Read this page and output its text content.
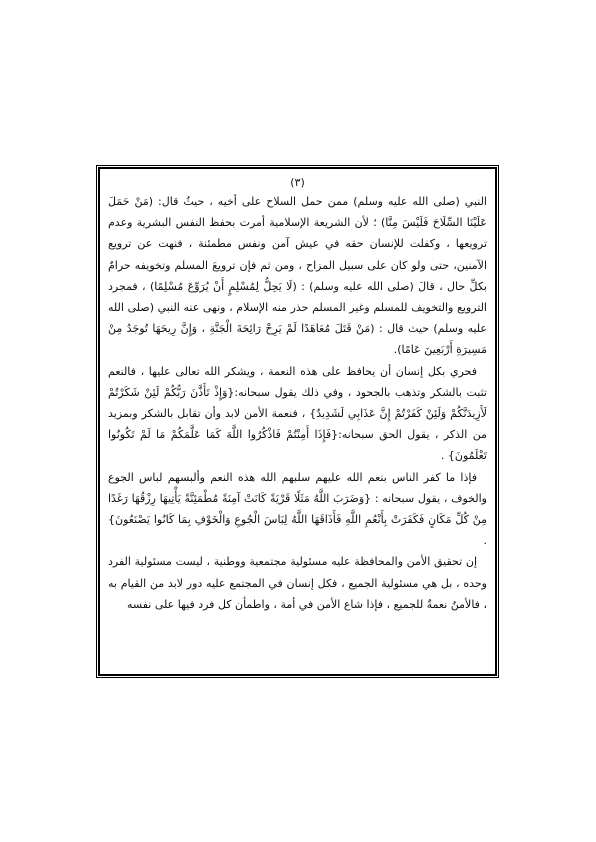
(٣)

النبي (صلى الله عليه وسلم) ممن حمل السلاح على أخيه ، حيثُ قال: (مَنْ حَمَلَ عَلَيْنَا السِّلَاحَ فَلَيْسَ مِنَّا) ؛ لأن الشريعة الإسلامية أمرت بحفظ النفس البشرية وعدم ترويعها ، وكفلت للإنسان حقه في عيش آمن ونفس مطمئنة ، فنهت عن ترويع الآمنين، حتى ولو كان على سبيل المزاح ، ومن ثم فإن ترويعَ المسلم وتخويفه حرامٌ بكلِّ حال ، قالَ (صلى الله عليه وسلم) : (لَا يَحِلُّ لِمُسْلِمٍ أَنْ يُرَوِّعَ مُسْلِمًا) ، فمجرد الترويع والتخويف للمسلم وغير المسلم حذر منه الإسلام ، ونهى عنه النبي (صلى الله عليه وسلم) حيث قال : (مَنْ قَتَلَ مُعَاهَدًا لَمْ يَرِحْ رَائِحَةَ الْجَنَّةِ ، وَإِنَّ رِيحَهَا تُوجَدُ مِنْ مَسِيرَةِ أَرْبَعِينَ عَامًا).

فحري بكل إنسان أن يحافظ على هذه النعمة ، ويشكر الله تعالى عليها ، فالنعم تثبت بالشكر وتذهب بالجحود ، وفي ذلك يقول سبحانه:{وَإِذْ تَأَذَّنَ رَبُّكُمْ لَئِنْ شَكَرْتُمْ لَأَزِيدَنَّكُمْ وَلَئِنْ كَفَرْتُمْ إِنَّ عَذَابِي لَشَدِيدٌ} ، فنعمة الأمن لابد وأن تقابل بالشكر وبمزيد من الذكر ، يقول الحق سبحانه:{فَإِذَا أَمِنْتُمْ فَاذْكُرُوا اللَّهَ كَمَا عَلَّمَكُمْ مَا لَمْ تَكُونُوا تَعْلَمُونَ} .

فإذا ما كفر الناس بنعم الله عليهم سلبهم الله هذه النعم وألبسهم لباس الجوع والخوف ، يقول سبحانه : {وَضَرَبَ اللَّهُ مَثَلًا قَرْيَةً كَانَتْ آمِنَةً مُطْمَئِنَّةً يَأْتِيهَا رِزْقُهَا رَغَدًا مِنْ كُلِّ مَكَانٍ فَكَفَرَتْ بِأَنْعُمِ اللَّهِ فَأَذَاقَهَا اللَّهُ لِبَاسَ الْجُوعِ وَالْخَوْفِ بِمَا كَانُوا يَصْنَعُونَ} .

إن تحقيق الأمن والمحافظة عليه مسئولية مجتمعية ووطنية ، ليست مسئولية الفرد وحده ، بل هي مسئولية الجميع ، فكل إنسان في المجتمع عليه دور لابد من القيام به ، فالأمنُ نعمةٌ للجميع ، فإذا شاع الأمن في أمة ، واطمأن كل فرد فيها على نفسه
